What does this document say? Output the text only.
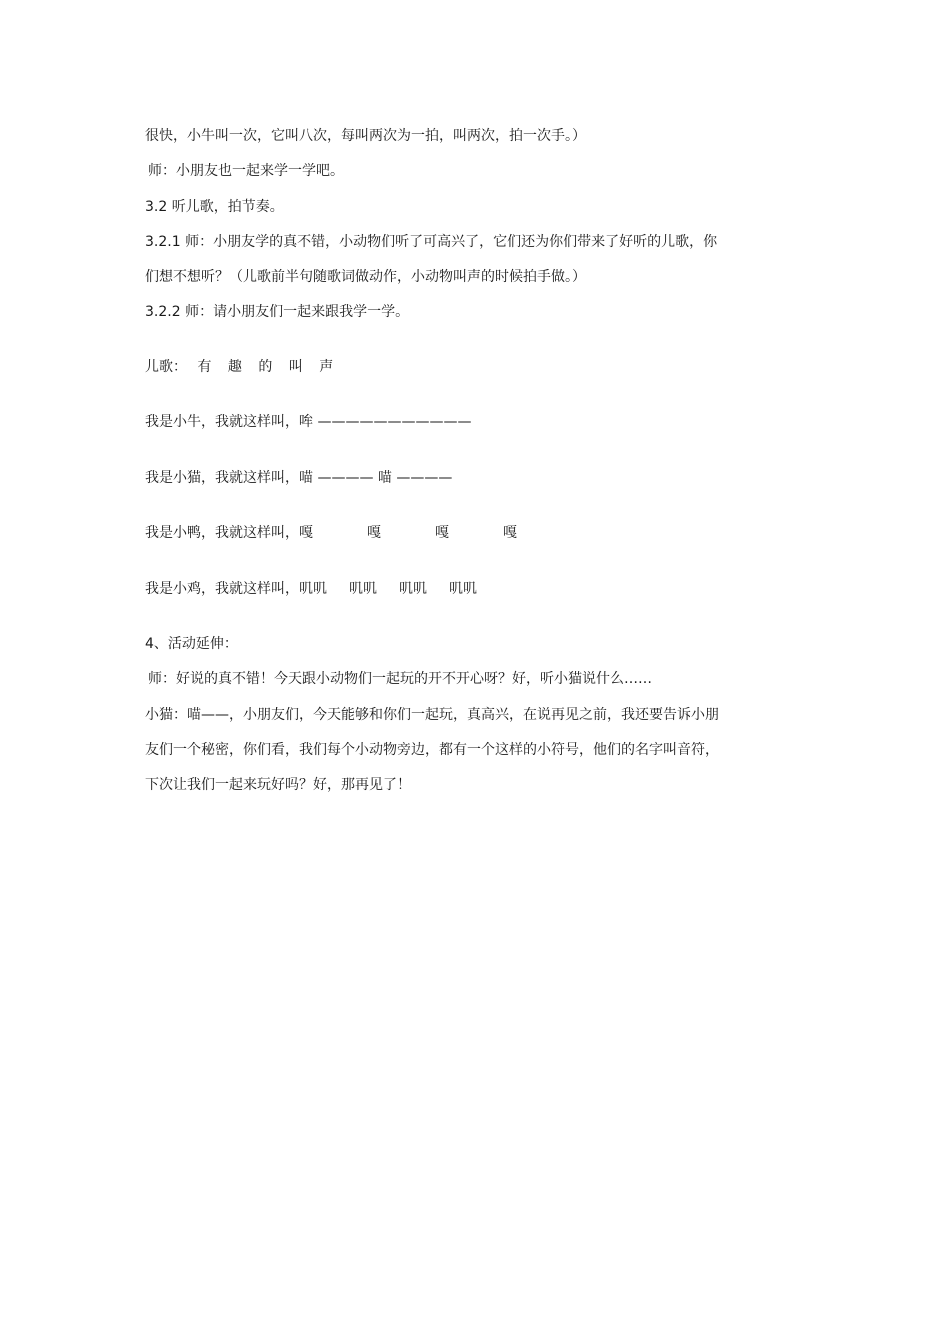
很快，小牛叫一次，它叫八次，每叫两次为一拍，叫两次，拍一次手。）
师：小朋友也一起来学一学吧。
3.2 听儿歌，拍节奏。
3.2.1 师：小朋友学的真不错，小动物们听了可高兴了，它们还为你们带来了好听的儿歌，你
们想不想听？（儿歌前半句随歌词做动作，小动物叫声的时候拍手做。）
3.2.2 师：请小朋友们一起来跟我学一学。
儿歌： 有 趣 的 叫 声
我是小牛，我就这样叫，哞 ———————————
我是小猫，我就这样叫，喵 ———— 喵 ————
我是小鸭，我就这样叫，嘎	嘎	嘎	嘎
我是小鸡，我就这样叫，叽叽 叽叽 叽叽 叽叽
4、活动延伸：
师：好说的真不错！今天跟小动物们一起玩的开不开心呀？好，听小猫说什么……
小猫：喵——，小朋友们，今天能够和你们一起玩，真高兴，在说再见之前，我还要告诉小朋
友们一个秘密，你们看，我们每个小动物旁边，都有一个这样的小符号，他们的名字叫音符，
下次让我们一起来玩好吗？好，那再见了！
